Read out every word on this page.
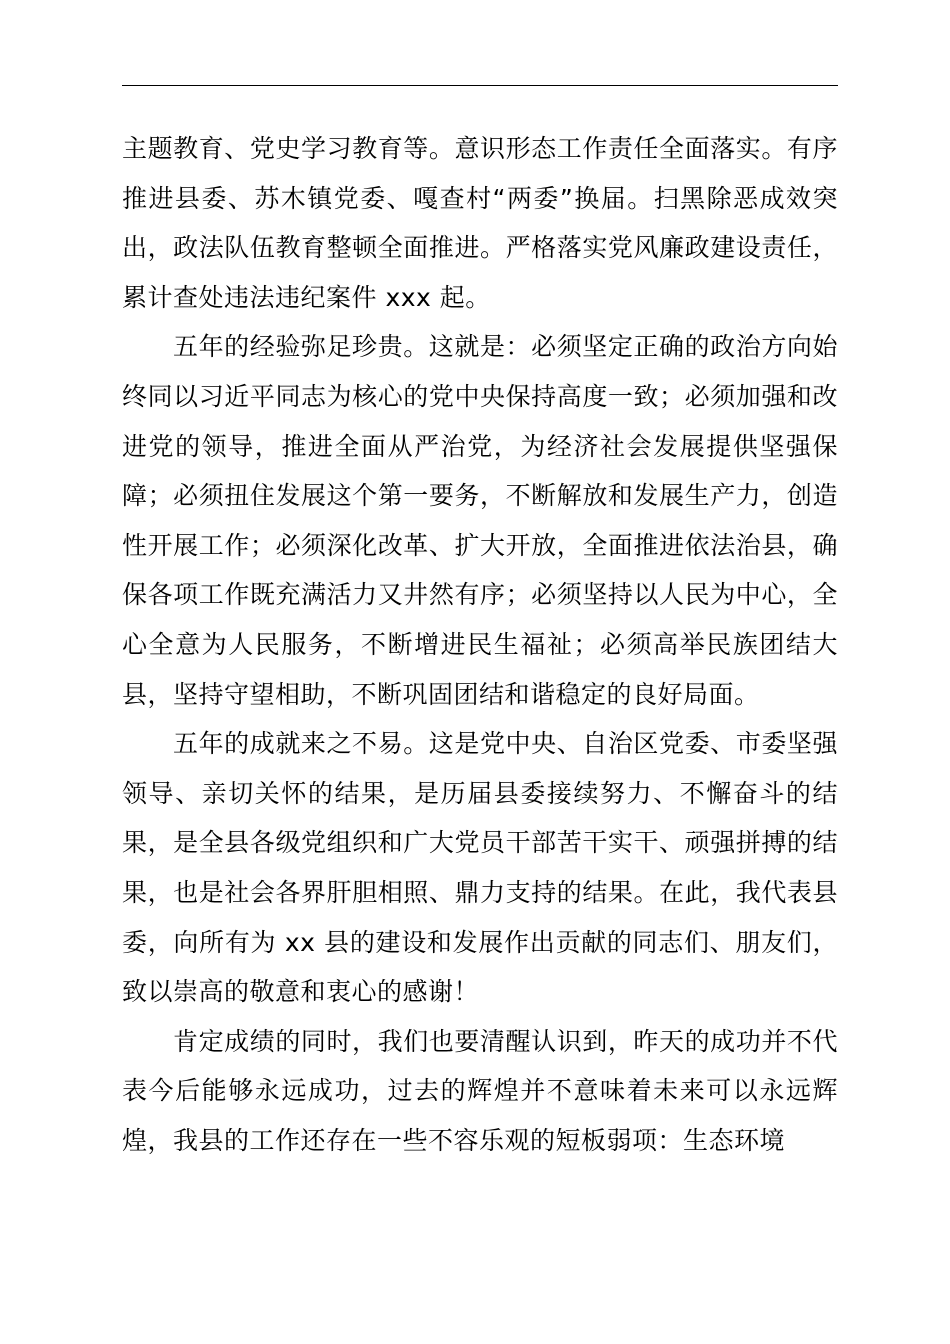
主题教育、党史学习教育等。意识形态工作责任全面落实。有序推进县委、苏木镇党委、嘎查村“两委”换届。扫黑除恶成效突出，政法队伍教育整顿全面推进。严格落实党风廉政建设责任，累计查处违法违纪案件 xxx 起。

五年的经验弥足珍贵。这就是：必须坚定正确的政治方向始终同以习近平同志为核心的党中央保持高度一致；必须加强和改进党的领导，推进全面从严治党，为经济社会发展提供坚强保障；必须扭住发展这个第一要务，不断解放和发展生产力，创造性开展工作；必须深化改革、扩大开放，全面推进依法治县，确保各项工作既充满活力又井然有序；必须坚持以人民为中心，全心全意为人民服务，不断增进民生福祉；必须高举民族团结大县，坚持守望相助，不断巩固团结和谐稳定的良好局面。

五年的成就来之不易。这是党中央、自治区党委、市委坚强领导、亲切关怀的结果，是历届县委接续努力、不懈奋斗的结果，是全县各级党组织和广大党员干部苦干实干、顽强拼搏的结果，也是社会各界肝胆相照、鼎力支持的结果。在此，我代表县委，向所有为 xx 县的建设和发展作出贡献的同志们、朋友们，致以崇高的敬意和衷心的感谢！

肯定成绩的同时，我们也要清醒认识到，昨天的成功并不代表今后能够永远成功，过去的辉煌并不意味着未来可以永远辉煌，我县的工作还存在一些不容乐观的短板弱项：生态环境
